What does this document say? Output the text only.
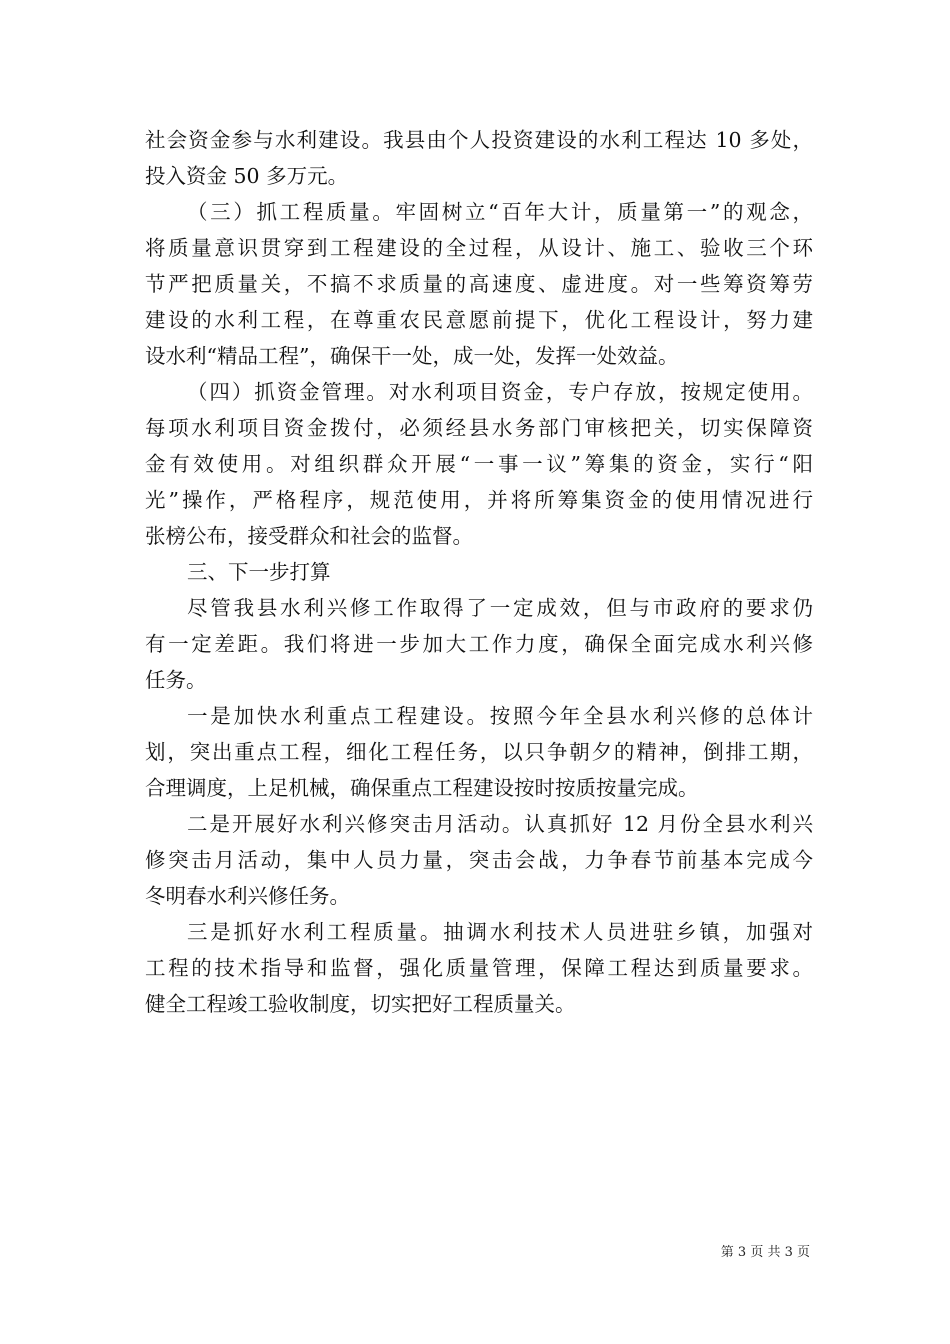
社会资金参与水利建设。我县由个人投资建设的水利工程达 10 多处，
投入资金 50 多万元。
（三）抓工程质量。牢固树立“百年大计，质量第一”的观念，
将质量意识贯穿到工程建设的全过程，从设计、施工、验收三个环
节严把质量关，不搞不求质量的高速度、虚进度。对一些筹资筹劳
建设的水利工程，在尊重农民意愿前提下，优化工程设计，努力建
设水利“精品工程”，确保干一处，成一处，发挥一处效益。
（四）抓资金管理。对水利项目资金，专户存放，按规定使用。
每项水利项目资金拨付，必须经县水务部门审核把关，切实保障资
金有效使用。对组织群众开展“一事一议”筹集的资金，实行“阳
光”操作，严格程序，规范使用，并将所筹集资金的使用情况进行
张榜公布，接受群众和社会的监督。
三、下一步打算
尽管我县水利兴修工作取得了一定成效，但与市政府的要求仍
有一定差距。我们将进一步加大工作力度，确保全面完成水利兴修
任务。
一是加快水利重点工程建设。按照今年全县水利兴修的总体计
划，突出重点工程，细化工程任务，以只争朝夕的精神，倒排工期，
合理调度，上足机械，确保重点工程建设按时按质按量完成。
二是开展好水利兴修突击月活动。认真抓好 12 月份全县水利兴
修突击月活动，集中人员力量，突击会战，力争春节前基本完成今
冬明春水利兴修任务。
三是抓好水利工程质量。抽调水利技术人员进驻乡镇，加强对
工程的技术指导和监督，强化质量管理，保障工程达到质量要求。
健全工程竣工验收制度，切实把好工程质量关。
第 3 页 共 3 页
